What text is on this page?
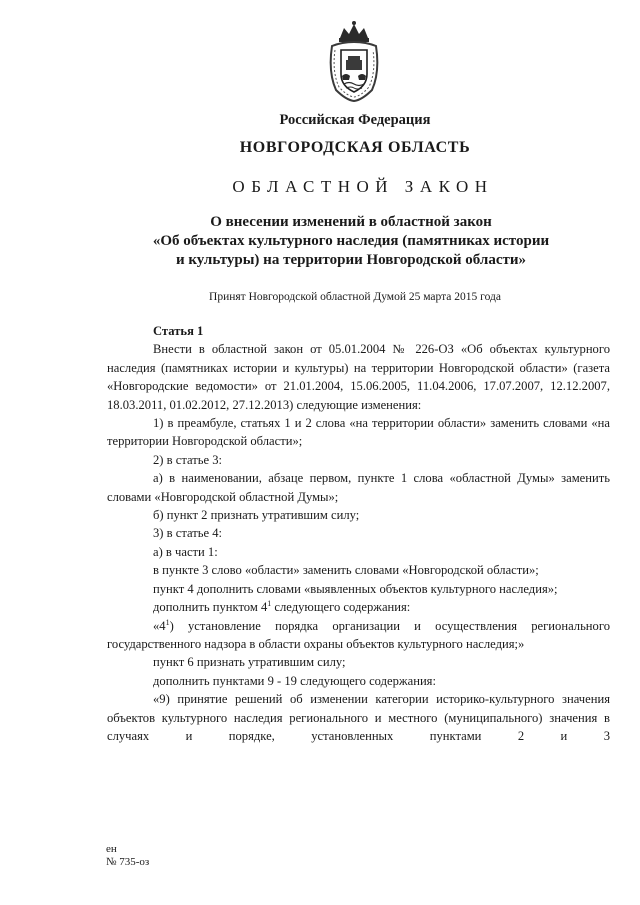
Российская Федерация
НОВГОРОДСКАЯ ОБЛАСТЬ
ОБЛАСТНОЙ ЗАКОН
О внесении изменений в областной закон
«Об объектах культурного наследия (памятниках истории
и культуры) на территории Новгородской области»
Принят Новгородской областной Думой 25 марта 2015 года

Статья 1

Внести в областной закон от 05.01.2004 № 226-ОЗ «Об объектах культурного наследия (памятниках истории и культуры) на территории Новгородской области» (газета «Новгородские ведомости» от 21.01.2004, 15.06.2005, 11.04.2006, 17.07.2007, 12.12.2007, 18.03.2011, 01.02.2012, 27.12.2013) следующие изменения:

1) в преамбуле, статьях 1 и 2 слова «на территории области» заменить словами «на территории Новгородской области»;

2) в статье 3:

а) в наименовании, абзаце первом, пункте 1 слова «областной Думы» заменить словами «Новгородской областной Думы»;

б) пункт 2 признать утратившим силу;

3) в статье 4:

а) в части 1:

в пункте 3 слово «области» заменить словами «Новгородской области»;

пункт 4 дополнить словами «выявленных объектов культурного наследия»;

дополнить пунктом $4^1$ следующего содержания:

«$4^1$) установление порядка организации и осуществления регионального государственного надзора в области охраны объектов культурного наследия;»

пункт 6 признать утратившим силу;

дополнить пунктами 9 - 19 следующего содержания:

«9) принятие решений об изменении категории историко-культурного значения объектов культурного наследия регионального и местного (муниципального) значения в случаях и порядке, установленных пунктами 2 и 3

ен
№ 735-оз
